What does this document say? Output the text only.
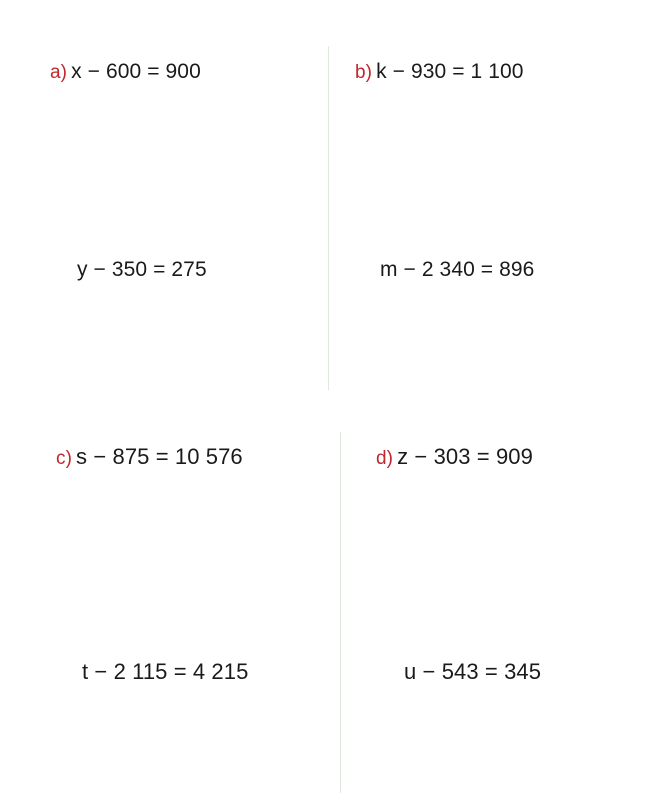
a) x − 600 = 900
y − 350 = 275
b) k − 930 = 1 100
m − 2 340 = 896
c) s − 875 = 10 576
t − 2 115 = 4 215
d) z − 303 = 909
u − 543 = 345
